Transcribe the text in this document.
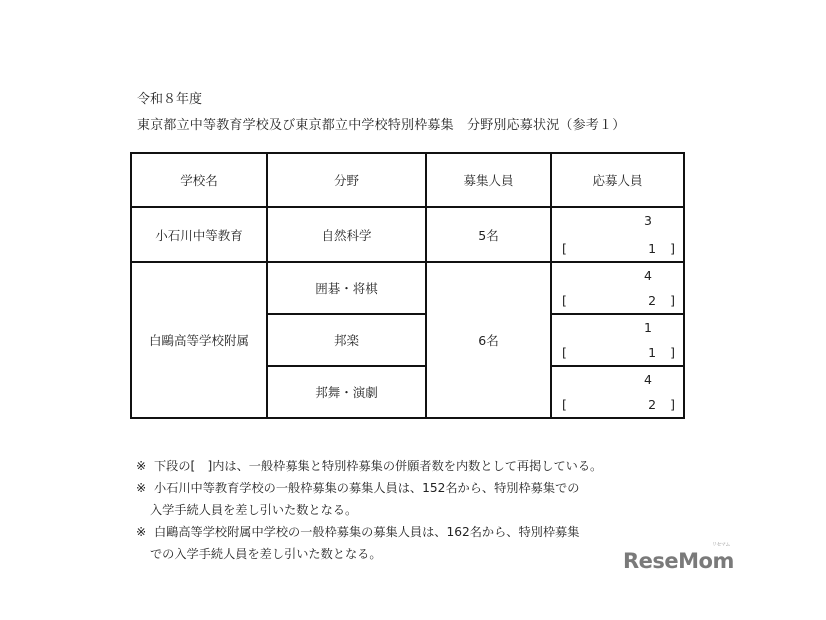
令和８年度
東京都立中等教育学校及び東京都立中学校特別枠募集　分野別応募状況（参考１）
学校名	分野	募集人員	応募人員
小石川中等教育	自然科学	5名	3
[ 1 ]

白鷗高等学校附属	囲碁・将棋	6名	4
[ 2 ]

	邦楽		1
[ 1 ]

	邦舞・演劇		4
[ 2 ]
※ 下段の[　]内は、一般枠募集と特別枠募集の併願者数を内数として再掲している。
※ 小石川中等教育学校の一般枠募集の募集人員は、152名から、特別枠募集での
入学手続人員を差し引いた数となる。
※ 白鷗高等学校附属中学校の一般枠募集の募集人員は、162名から、特別枠募集
での入学手続人員を差し引いた数となる。	ReseMom
リセマム
